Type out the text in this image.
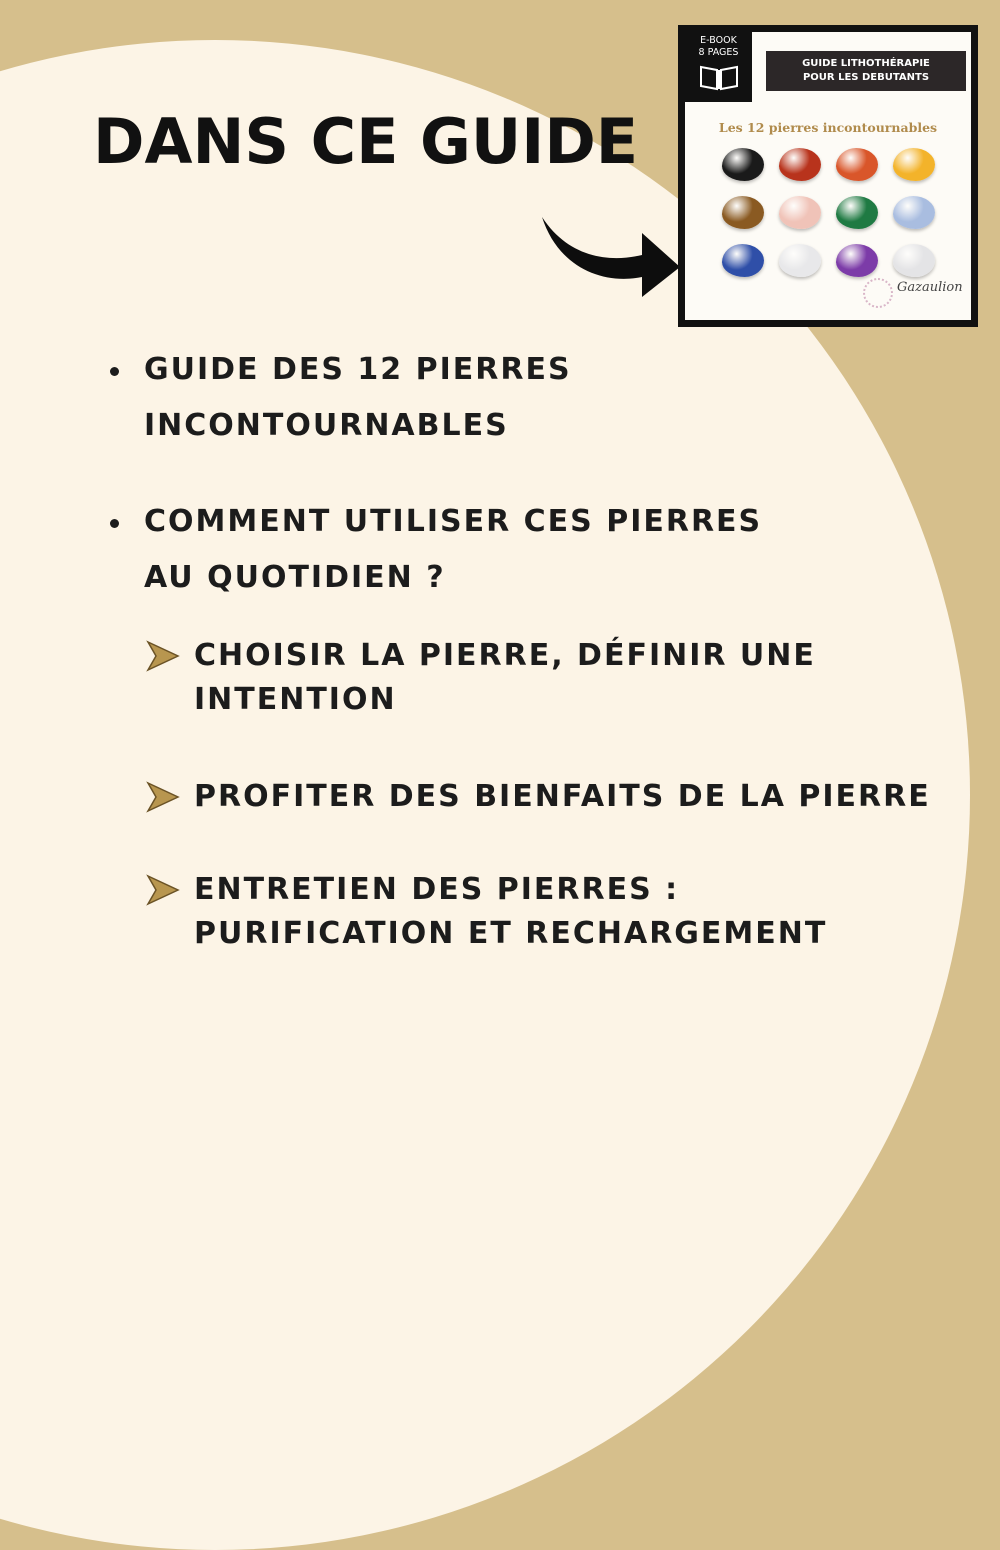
DANS CE GUIDE
E-BOOK
8 PAGES
GUIDE LITHOTHÉRAPIE
POUR LES DEBUTANTS
Les 12 pierres incontournables
Gazaulion
GUIDE DES 12 PIERRES
INCONTOURNABLES
COMMENT UTILISER CES PIERRES
AU QUOTIDIEN ?
CHOISIR LA PIERRE, DÉFINIR UNE
INTENTION
PROFITER DES BIENFAITS DE LA PIERRE
ENTRETIEN DES PIERRES :
PURIFICATION ET RECHARGEMENT
